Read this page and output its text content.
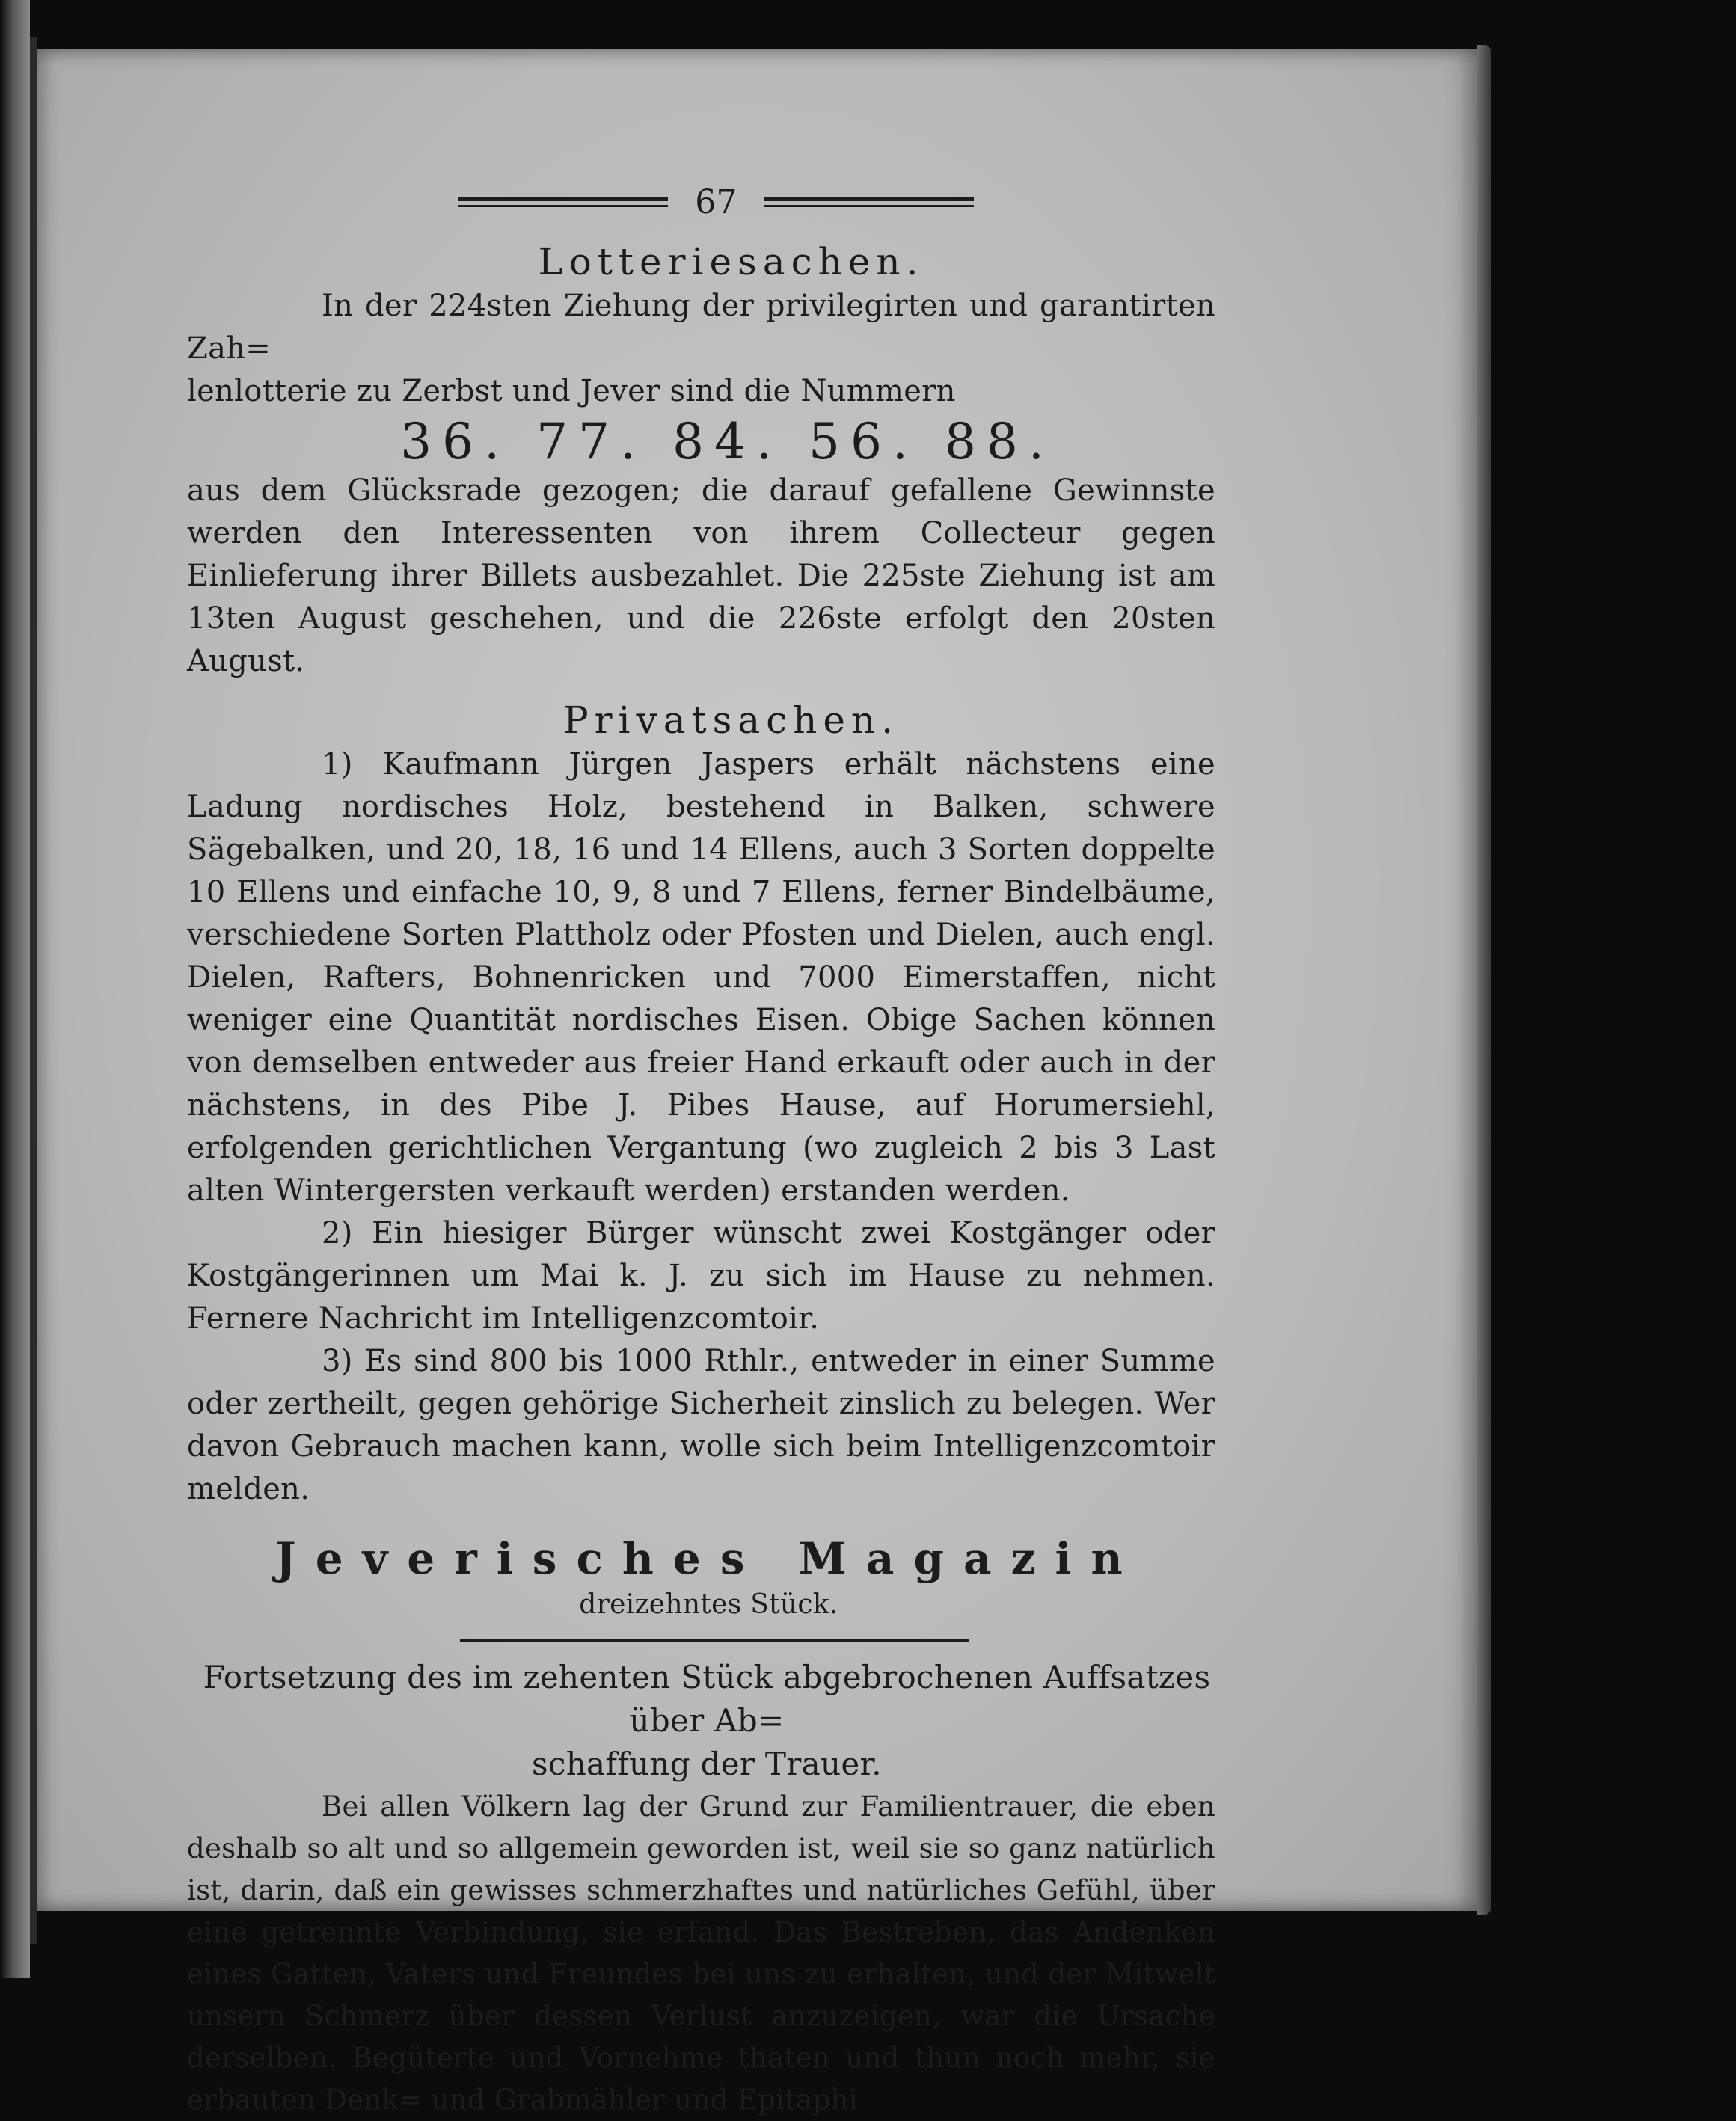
67
Lotteriesachen.
In der 224sten Ziehung der privilegirten und garantirten Zah=
lenlotterie zu Zerbst und Jever sind die Nummern
36. 77. 84. 56. 88.
aus dem Glücksrade gezogen; die darauf gefallene Gewinnste werden den Interessenten von ihrem Collecteur gegen Einlieferung ihrer Billets ausbezahlet. Die 225ste Ziehung ist am 13ten August geschehen, und die 226ste erfolgt den 20sten August.
Privatsachen.
1) Kaufmann Jürgen Jaspers erhält nächstens eine Ladung nordisches Holz, bestehend in Balken, schwere Sägebalken, und 20, 18, 16 und 14 Ellens, auch 3 Sorten doppelte 10 Ellens und einfache 10, 9, 8 und 7 Ellens, ferner Bindelbäume, verschiedene Sorten Plattholz oder Pfosten und Dielen, auch engl. Dielen, Rafters, Bohnenricken und 7000 Eimerstaffen, nicht weniger eine Quantität nordisches Eisen. Obige Sachen können von demselben entweder aus freier Hand erkauft oder auch in der nächstens, in des Pibe J. Pibes Hause, auf Horumersiehl, erfolgenden gerichtlichen Vergantung (wo zugleich 2 bis 3 Last alten Wintergersten verkauft werden) erstanden werden.
2) Ein hiesiger Bürger wünscht zwei Kostgänger oder Kostgängerinnen um Mai k. J. zu sich im Hause zu nehmen. Fernere Nachricht im Intelligenzcomtoir.
3) Es sind 800 bis 1000 Rthlr., entweder in einer Summe oder zertheilt, gegen gehörige Sicherheit zinslich zu belegen. Wer davon Gebrauch machen kann, wolle sich beim Intelligenzcomtoir melden.
Jeverisches Magazin
dreizehntes Stück.
Fortsetzung des im zehenten Stück abgebrochenen Auffsatzes über Ab=
schaffung der Trauer.
Bei allen Völkern lag der Grund zur Familientrauer, die eben deshalb so alt und so allgemein geworden ist, weil sie so ganz natürlich ist, darin, daß ein gewisses schmerzhaftes und natürliches Gefühl, über eine getrennte Verbindung, sie erfand. Das Bestreben, das Andenken eines Gatten, Vaters und Freundes bei uns zu erhalten, und der Mitwelt unsern Schmerz über dessen Verlust anzuzeigen, war die Ursache derselben. Begüterte und Vornehme thaten und thun noch mehr, sie erbauten Denk= und Grabmähler und Epitaphi
